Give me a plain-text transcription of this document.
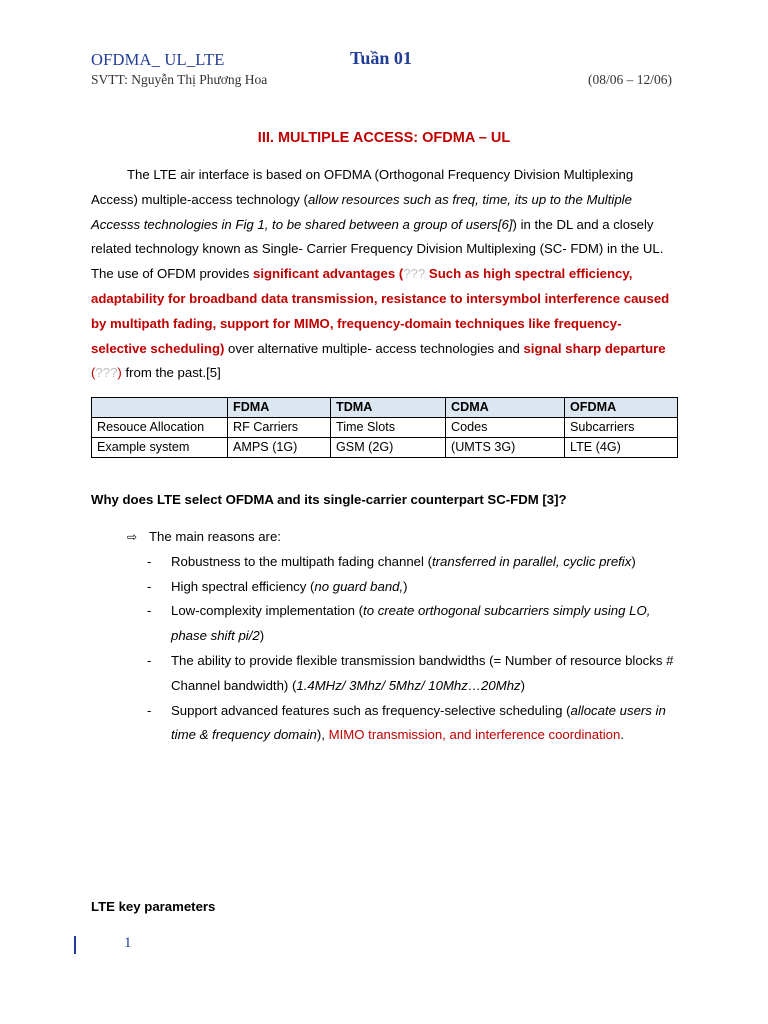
OFDMA_ UL_LTE	Tuần 01
SVTT: Nguyễn Thị Phương Hoa	(08/06 – 12/06)
III. MULTIPLE ACCESS: OFDMA – UL
The LTE air interface is based on OFDMA (Orthogonal Frequency Division Multiplexing Access) multiple-access technology (allow resources such as freq, time, its up to the Multiple Accesss technologies in Fig 1, to be shared between a group of users[6]) in the DL and a closely related technology known as Single- Carrier Frequency Division Multiplexing (SC- FDM) in the UL. The use of OFDM provides significant advantages (??? Such as high spectral efficiency, adaptability for broadband data transmission, resistance to intersymbol interference caused by multipath fading, support for MIMO, frequency-domain techniques like frequency-selective scheduling) over alternative multiple- access technologies and signal sharp departure
(???) from the past.[5]
	FDMA	TDMA	CDMA	OFDMA
Resouce Allocation	RF Carriers	Time Slots	Codes	Subcarriers
Example system	AMPS (1G)	GSM (2G)	(UMTS 3G)	LTE (4G)
Why does LTE select OFDMA and its single-carrier counterpart SC-FDM [3]?
⇨ The main reasons are:
- Robustness to the multipath fading channel (transferred in parallel, cyclic prefix)
- High spectral efficiency (no guard band,)
- Low-complexity implementation (to create orthogonal subcarriers simply using LO, phase shift pi/2)
- The ability to provide flexible transmission bandwidths (= Number of resource blocks # Channel bandwidth) (1.4MHz/ 3Mhz/ 5Mhz/ 10Mhz…20Mhz)
- Support advanced features such as frequency-selective scheduling (allocate users in time & frequency domain), MIMO transmission, and interference coordination.
LTE key parameters
1
